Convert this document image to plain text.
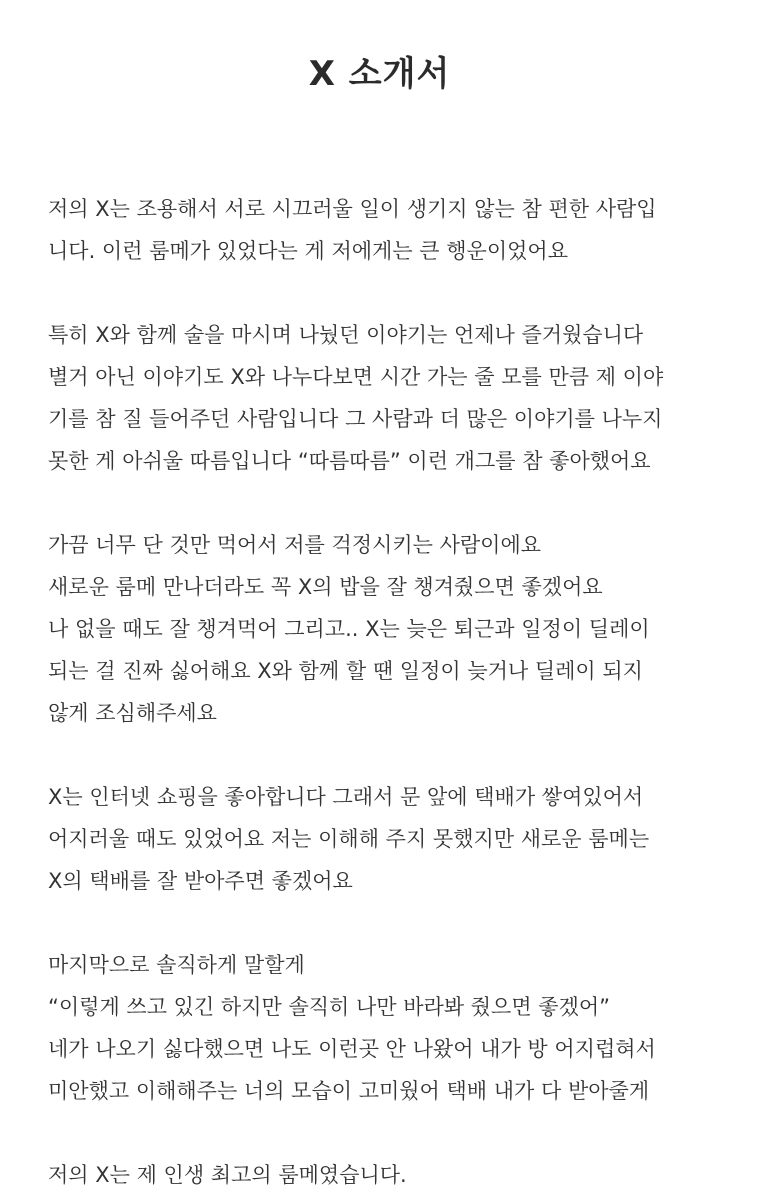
X 소개서
저의 X는 조용해서 서로 시끄러울 일이 생기지 않는 참 편한 사람입
니다. 이런 룸메가 있었다는 게 저에게는 큰 행운이었어요
특히 X와 함께 술을 마시며 나눴던 이야기는 언제나 즐거웠습니다
별거 아닌 이야기도 X와 나누다보면 시간 가는 줄 모를 만큼 제 이야
기를 참 질 들어주던 사람입니다 그 사람과 더 많은 이야기를 나누지
못한 게 아쉬울 따름입니다 “따름따름” 이런 개그를 참 좋아했어요
가끔 너무 단 것만 먹어서 저를 걱정시키는 사람이에요
새로운 룸메 만나더라도 꼭 X의 밥을 잘 챙겨줬으면 좋겠어요
나 없을 때도 잘 챙겨먹어 그리고.. X는 늦은 퇴근과 일정이 딜레이
되는 걸 진짜 싫어해요 X와 함께 할 땐 일정이 늦거나 딜레이 되지
않게 조심해주세요
X는 인터넷 쇼핑을 좋아합니다 그래서 문 앞에 택배가 쌓여있어서
어지러울 때도 있었어요 저는 이해해 주지 못했지만 새로운 룸메는
X의 택배를 잘 받아주면 좋겠어요
마지막으로 솔직하게 말할게
“이렇게 쓰고 있긴 하지만 솔직히 나만 바라봐 줬으면 좋겠어”
네가 나오기 싫다했으면 나도 이런곳 안 나왔어 내가 방 어지럽혀서
미안했고 이해해주는 너의 모습이 고미웠어 택배 내가 다 받아줄게
저의 X는 제 인생 최고의 룸메였습니다.
